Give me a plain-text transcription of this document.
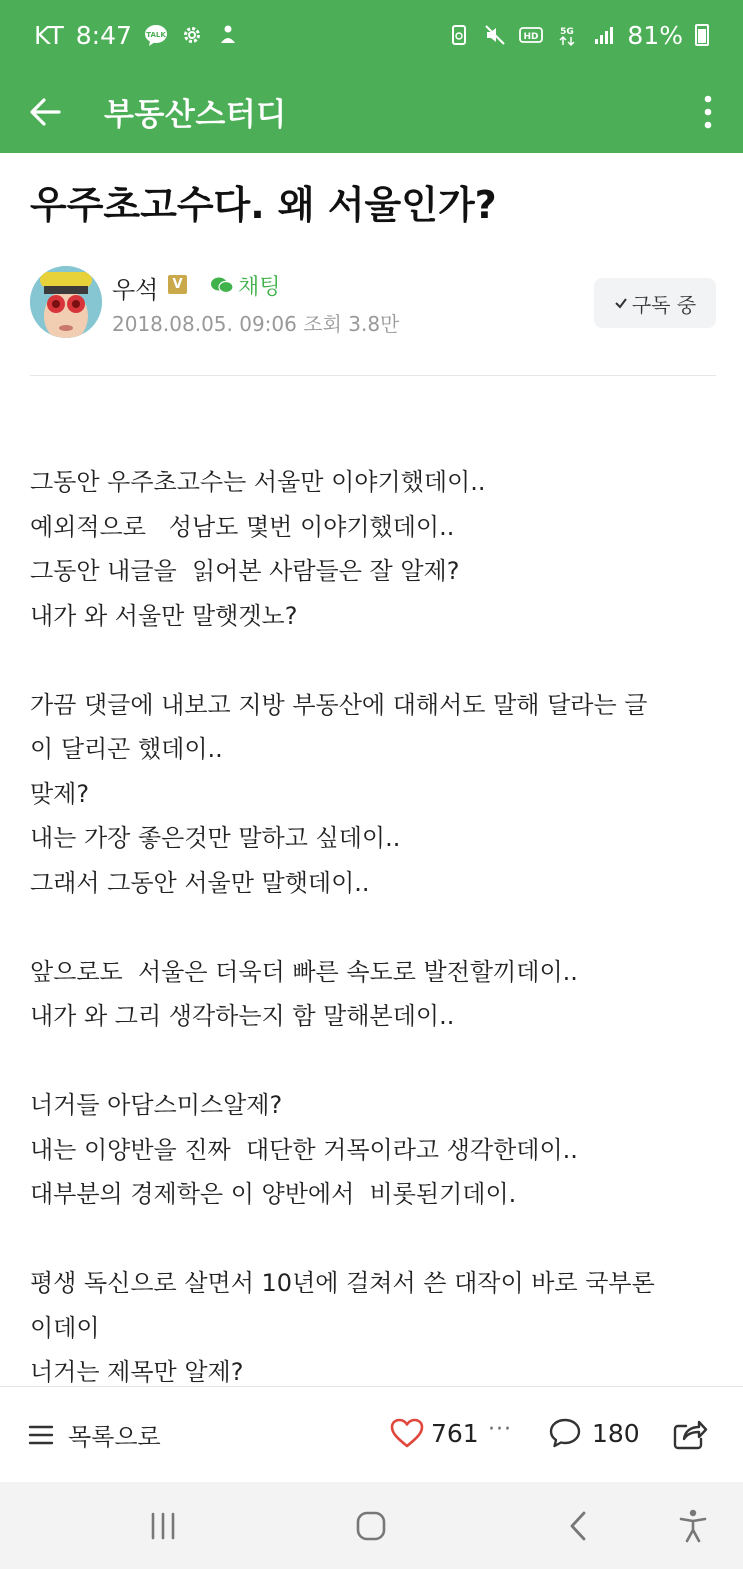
KT 8:47 TALK	HD 5G 81%
부동산스터디
우주초고수다. 왜 서울인가?
우석	V	채팅
2018.08.05. 09:06 조회 3.8만
구독 중

그동안 우주초고수는 서울만 이야기했데이..

예외적으로   성남도 몇번 이야기했데이..

그동안 내글을  읽어본 사람들은 잘 알제?

내가 와 서울만 말햇겟노?

가끔 댓글에 내보고 지방 부동산에 대해서도 말해 달라는 글

이 달리곤 했데이..

맞제?

내는 가장 좋은것만 말하고 싶데이..

그래서 그동안 서울만 말햇데이..

앞으로도  서울은 더욱더 빠른 속도로 발전할끼데이..

내가 와 그리 생각하는지 함 말해본데이..

너거들 아담스미스알제?

내는 이양반을 진짜  대단한 거목이라고 생각한데이..

대부분의 경제학은 이 양반에서  비롯된기데이.

평생 독신으로 살면서 10년에 걸쳐서 쓴 대작이 바로 국부론

이데이

너거는 제목만 알제?

목록으로	761 ···	180
